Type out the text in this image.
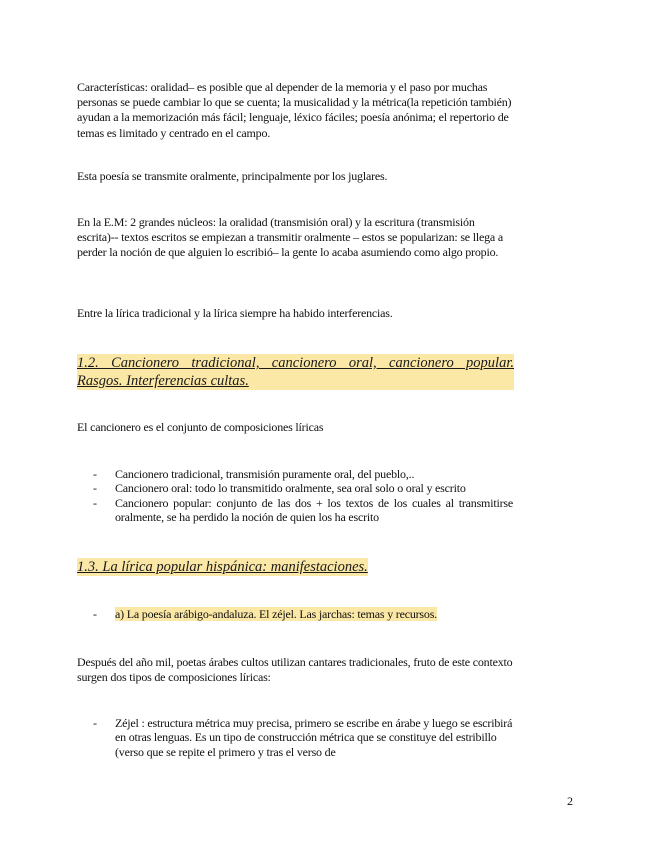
Características: oralidad– es posible que al depender de la memoria y el paso por muchas personas se puede cambiar lo que se cuenta; la musicalidad y la métrica(la repetición también) ayudan a la memorización más fácil; lenguaje, léxico fáciles; poesía anónima; el repertorio de temas es limitado y centrado en el campo.

Esta poesía se transmite oralmente, principalmente por los juglares.

En la E.M: 2 grandes núcleos: la oralidad (transmisión oral) y la escritura (transmisión escrita)-- textos escritos se empiezan a transmitir oralmente – estos se popularizan: se llega a perder la noción de que alguien lo escribió– la gente lo acaba asumiendo como algo propio.

Entre la lírica tradicional y la lírica siempre ha habido interferencias.

1.2. Cancionero tradicional, cancionero oral, cancionero popular.
Rasgos. Interferencias cultas.

El cancionero es el conjunto de composiciones líricas

- Cancionero tradicional, transmisión puramente oral, del pueblo,..
- Cancionero oral: todo lo transmitido oralmente, sea oral solo o oral y escrito
- Cancionero popular: conjunto de las dos + los textos de los cuales al transmitirse oralmente, se ha perdido la noción de quien los ha escrito
1.3. La lírica popular hispánica: manifestaciones.
- a) La poesía arábigo-andaluza. El zéjel. Las jarchas: temas y recursos.

Después del año mil, poetas árabes cultos utilizan cantares tradicionales, fruto de este contexto surgen dos tipos de composiciones líricas:

- Zéjel : estructura métrica muy precisa, primero se escribe en árabe y luego se escribirá en otras lenguas. Es un tipo de construcción métrica que se constituye del estribillo (verso que se repite el primero y tras el verso de
2
